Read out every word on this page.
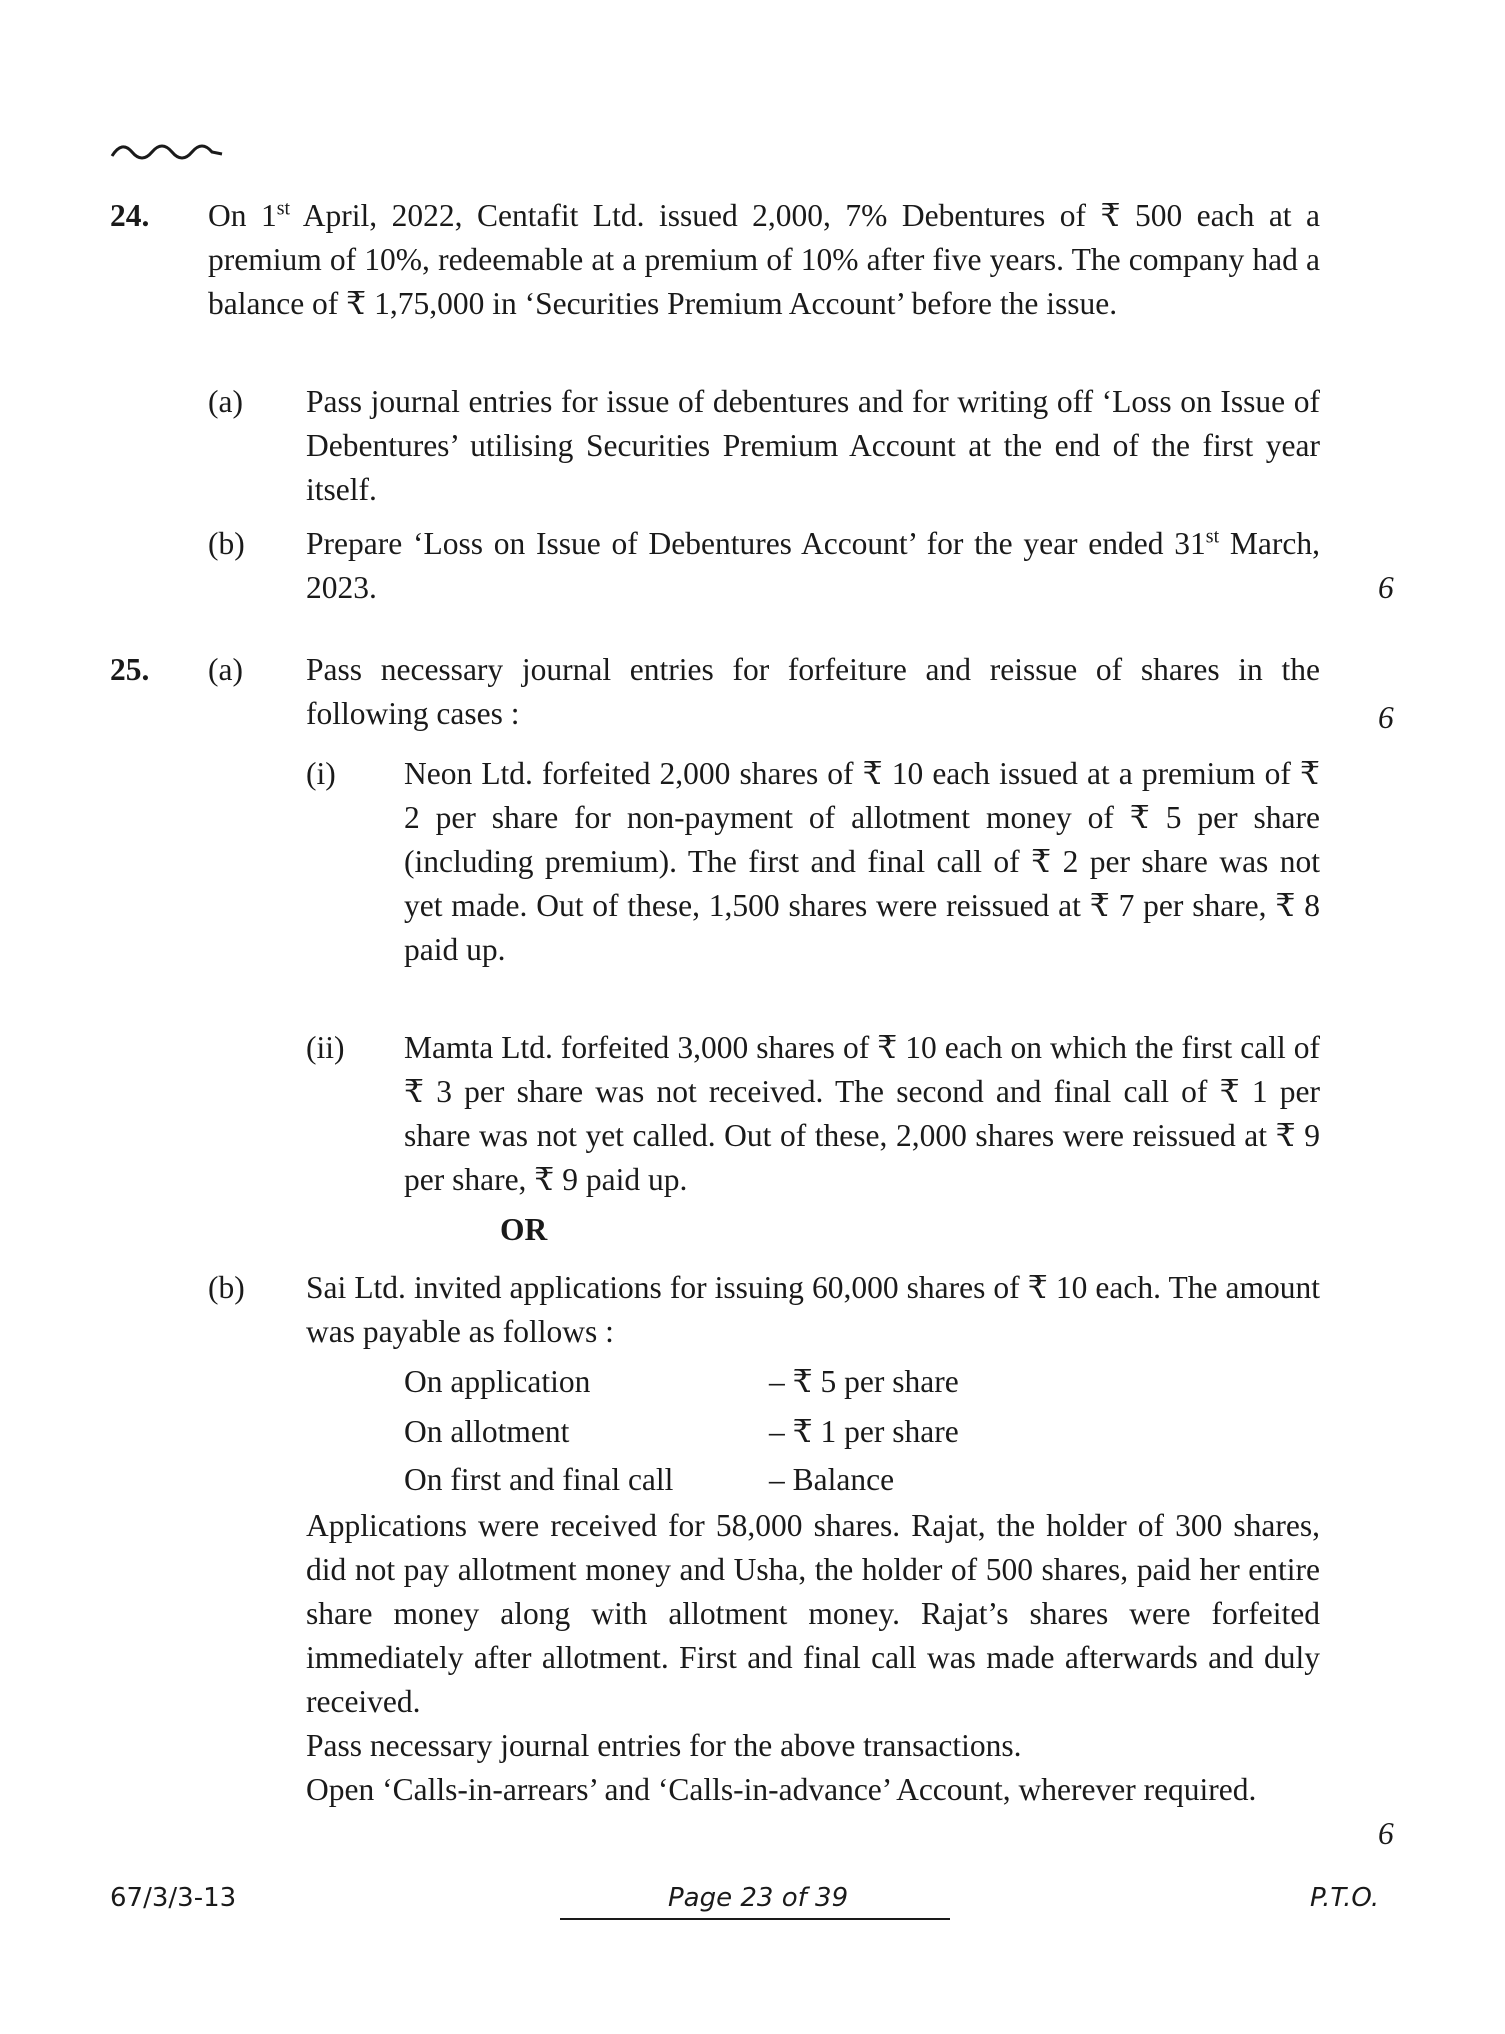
24. On 1st April, 2022, Centafit Ltd. issued 2,000, 7% Debentures of ₹ 500 each at a premium of 10%, redeemable at a premium of 10% after five years. The company had a balance of ₹ 1,75,000 in ‘Securities Premium Account’ before the issue.
(a) Pass journal entries for issue of debentures and for writing off ‘Loss on Issue of Debentures’ utilising Securities Premium Account at the end of the first year itself.
(b) Prepare ‘Loss on Issue of Debentures Account’ for the year ended 31st March, 2023.	6
25. (a) Pass necessary journal entries for forfeiture and reissue of shares in the following cases :	6
(i) Neon Ltd. forfeited 2,000 shares of ₹ 10 each issued at a premium of ₹ 2 per share for non-payment of allotment money of ₹ 5 per share (including premium). The first and final call of ₹ 2 per share was not yet made. Out of these, 1,500 shares were reissued at ₹ 7 per share, ₹ 8 paid up.
(ii) Mamta Ltd. forfeited 3,000 shares of ₹ 10 each on which the first call of ₹ 3 per share was not received. The second and final call of ₹ 1 per share was not yet called. Out of these, 2,000 shares were reissued at ₹ 9 per share, ₹ 9 paid up.
OR
(b) Sai Ltd. invited applications for issuing 60,000 shares of ₹ 10 each. The amount was payable as follows :
On application	– ₹ 5 per share
On allotment	– ₹ 1 per share
On first and final call	– Balance
Applications were received for 58,000 shares. Rajat, the holder of 300 shares, did not pay allotment money and Usha, the holder of 500 shares, paid her entire share money along with allotment money. Rajat’s shares were forfeited immediately after allotment. First and final call was made afterwards and duly received.
Pass necessary journal entries for the above transactions.
Open ‘Calls-in-arrears’ and ‘Calls-in-advance’ Account, wherever required.
6
67/3/3-13	Page 23 of 39	P.T.O.
